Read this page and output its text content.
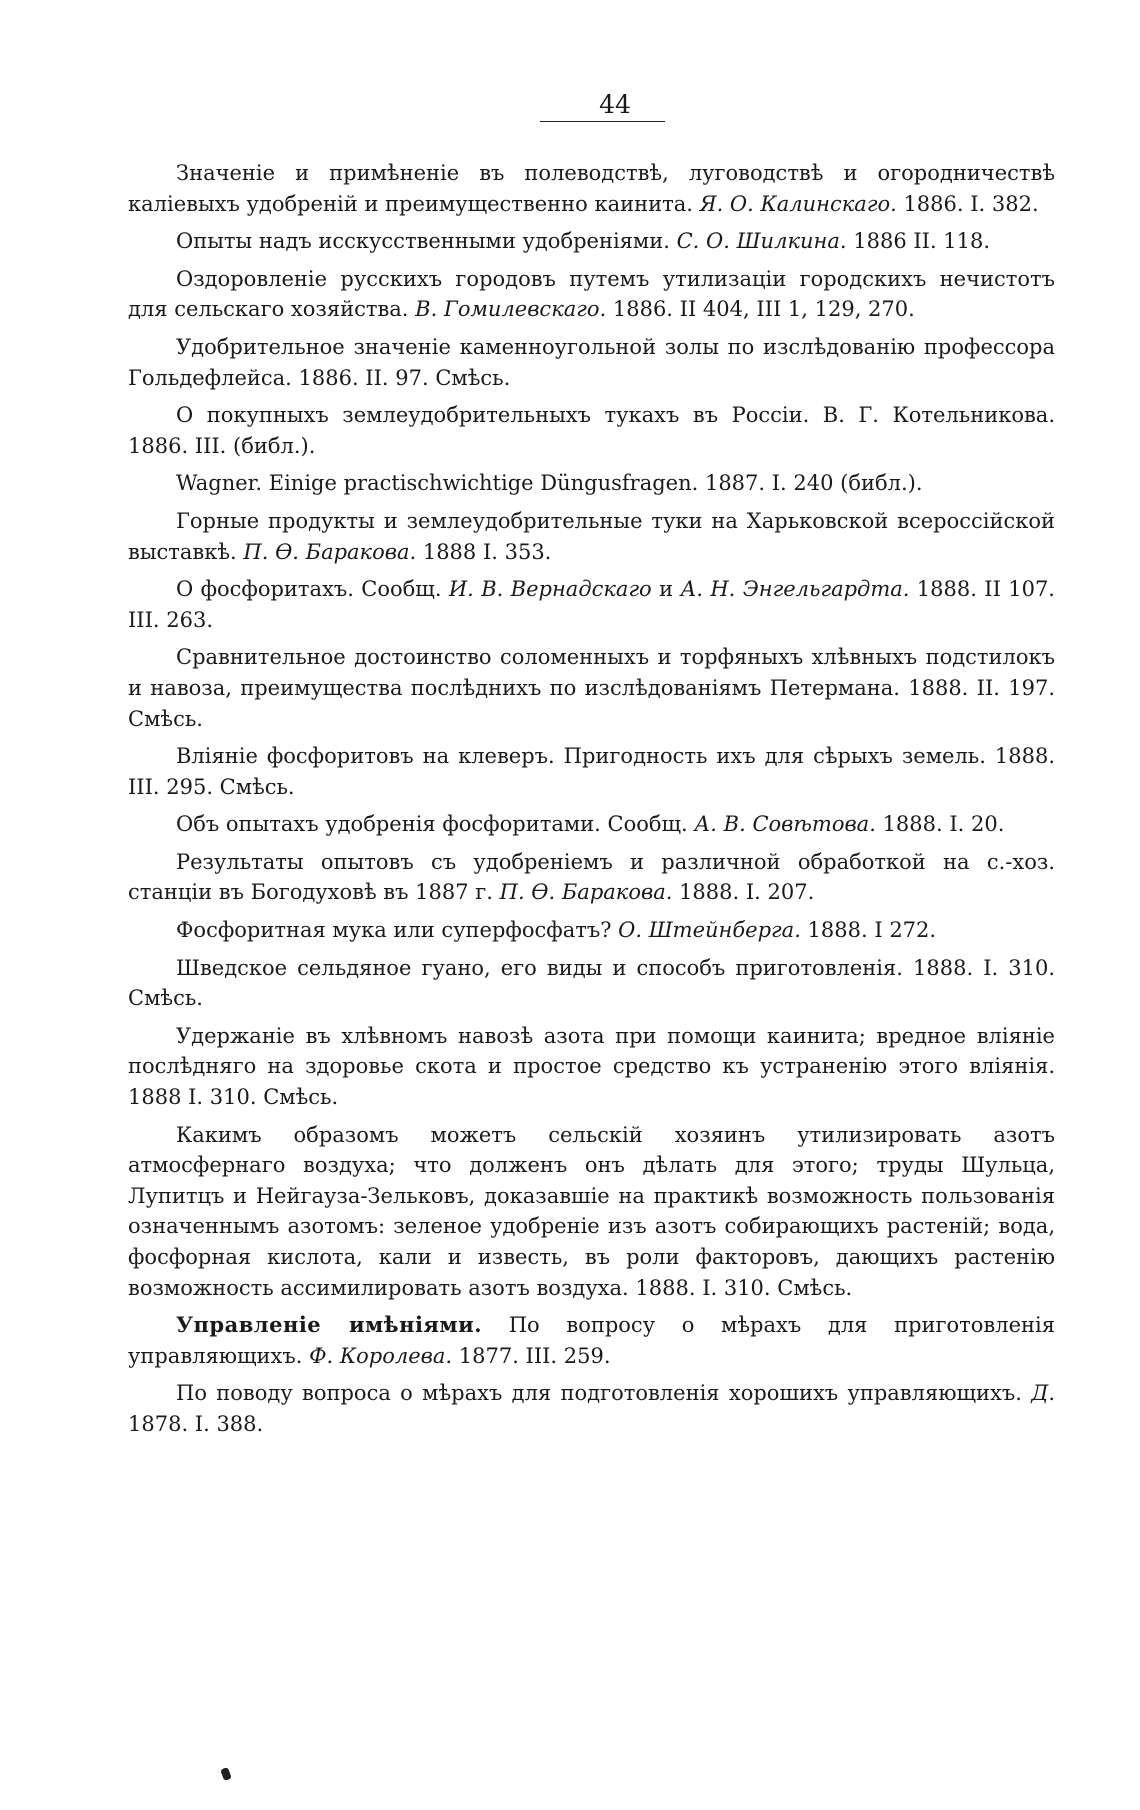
44

Значеніе и примѣненіе въ полеводствѣ, луговодствѣ и огородничествѣ каліевыхъ удобреній и преимущественно каинита. Я. О. Калинскаго. 1886. I. 382.

Опыты надъ исскусственными удобреніями. С. О. Шилкина. 1886 II. 118.

Оздоровленіе русскихъ городовъ путемъ утилизаціи городскихъ нечистотъ для сельскаго хозяйства. В. Гомилевскаго. 1886. II 404, III 1, 129, 270.

Удобрительное значеніе каменноугольной золы по изслѣдованію профессора Гольдефлейса. 1886. II. 97. Смѣсь.

О покупныхъ землеудобрительныхъ тукахъ въ Россіи. В. Г. Котельникова. 1886. III. (библ.).

Wagner. Einige practischwichtige Düngusfragen. 1887. I. 240 (библ.).

Горные продукты и землеудобрительные туки на Харьковской всероссійской выставкѣ. П. Ѳ. Баракова. 1888 I. 353.

О фосфоритахъ. Сообщ. И. В. Вернадскаго и А. Н. Энгельгардта. 1888. II 107. III. 263.

Сравнительное достоинство соломенныхъ и торфяныхъ хлѣвныхъ подстилокъ и навоза, преимущества послѣднихъ по изслѣдованіямъ Петермана. 1888. II. 197. Смѣсь.

Вліяніе фосфоритовъ на клеверъ. Пригодность ихъ для сѣрыхъ земель. 1888. III. 295. Смѣсь.

Объ опытахъ удобренія фосфоритами. Сообщ. А. В. Совѣтова. 1888. I. 20.

Результаты опытовъ съ удобреніемъ и различной обработкой на с.-хоз. станціи въ Богодуховѣ въ 1887 г. П. Ѳ. Баракова. 1888. I. 207.

Фосфоритная мука или суперфосфатъ? О. Штейнберга. 1888. I 272.

Шведское сельдяное гуано, его виды и способъ приготовленія. 1888. I. 310. Смѣсь.

Удержаніе въ хлѣвномъ навозѣ азота при помощи каинита; вредное вліяніе послѣдняго на здоровье скота и простое средство къ устраненію этого вліянія. 1888 I. 310. Смѣсь.

Какимъ образомъ можетъ сельскій хозяинъ утилизировать азотъ атмосфернаго воздуха; что долженъ онъ дѣлать для этого; труды Шульца, Лупитцъ и Нейгауза-Зельковъ, доказавшіе на практикѣ возможность пользованія означеннымъ азотомъ: зеленое удобреніе изъ азотъ собирающихъ растеній; вода, фосфорная кислота, кали и известь, въ роли факторовъ, дающихъ растенію возможность ассимилировать азотъ воздуха. 1888. I. 310. Смѣсь.

Управленіе имѣніями. По вопросу о мѣрахъ для приготовленія управляющихъ. Ф. Королева. 1877. III. 259.

По поводу вопроса о мѣрахъ для подготовленія хорошихъ управляющихъ. Д. 1878. I. 388.
